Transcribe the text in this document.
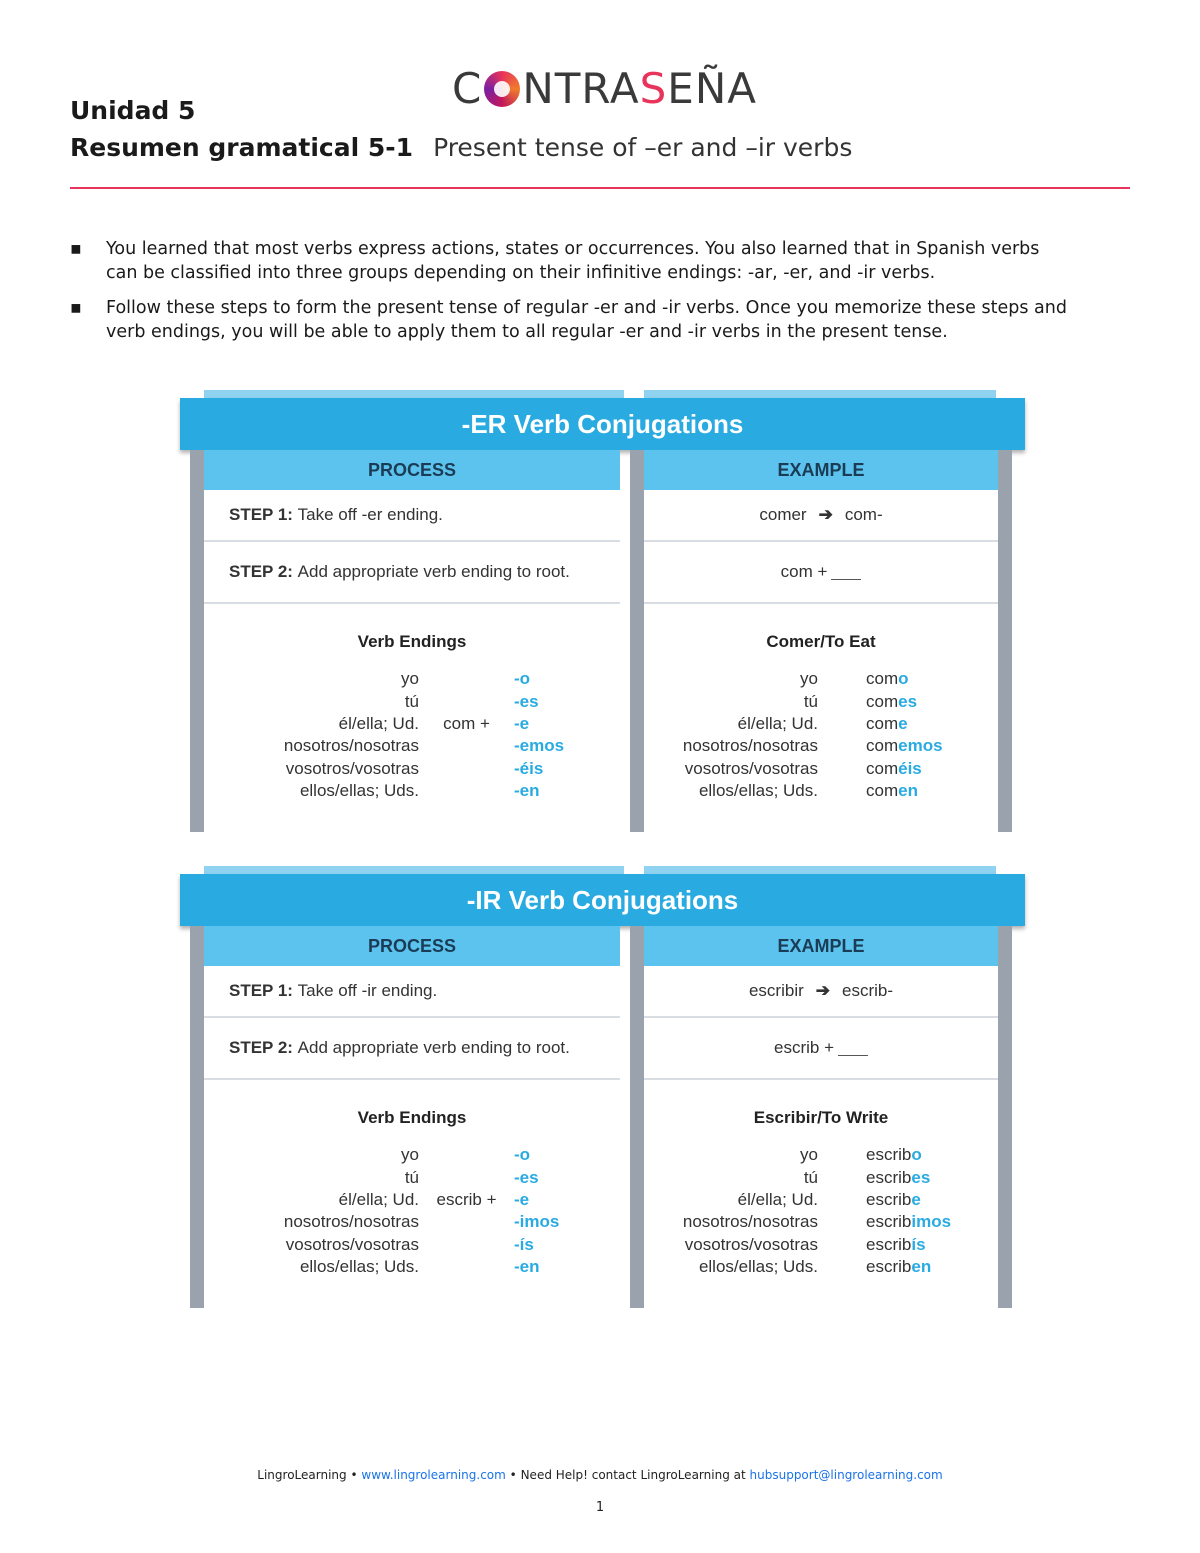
C NTRA S EÑA
Unidad 5
Resumen gramatical 5-1 Present tense of –er and –ir verbs
▪ You learned that most verbs express actions, states or occurrences. You also learned that in Spanish verbs can be classified into three groups depending on their infinitive endings: -ar, -er, and -ir verbs.
▪ Follow these steps to form the present tense of regular -er and -ir verbs. Once you memorize these steps and verb endings, you will be able to apply them to all regular -er and -ir verbs in the present tense.
-ER Verb Conjugations
PROCESS
STEP 1:
Take off -er ending.
STEP 2:
Add appropriate verb ending to root.
Verb Endings
yo		-o
tú		-es
él/ella; Ud.	com +	-e
nosotros/nosotras		-emos
vosotros/vosotras		-éis
ellos/ellas; Uds.		-en
EXAMPLE
comer ➔ com-
com +
Comer/To Eat
yo	como
tú	comes
él/ella; Ud.	come
nosotros/nosotras	comemos
vosotros/vosotras	coméis
ellos/ellas; Uds.	comen
-IR Verb Conjugations
PROCESS
STEP 1:
Take off -ir ending.
STEP 2:
Add appropriate verb ending to root.
Verb Endings
yo		-o
tú		-es
él/ella; Ud.	escrib +	-e
nosotros/nosotras		-imos
vosotros/vosotras		-ís
ellos/ellas; Uds.		-en
EXAMPLE
escribir ➔ escrib-
escrib +
Escribir/To Write
yo	escribo
tú	escribes
él/ella; Ud.	escribe
nosotros/nosotras	escribimos
vosotros/vosotras	escribís
ellos/ellas; Uds.	escriben
LingroLearning • www.lingrolearning.com • Need Help! contact LingroLearning at hubsupport@lingrolearning.com
1
